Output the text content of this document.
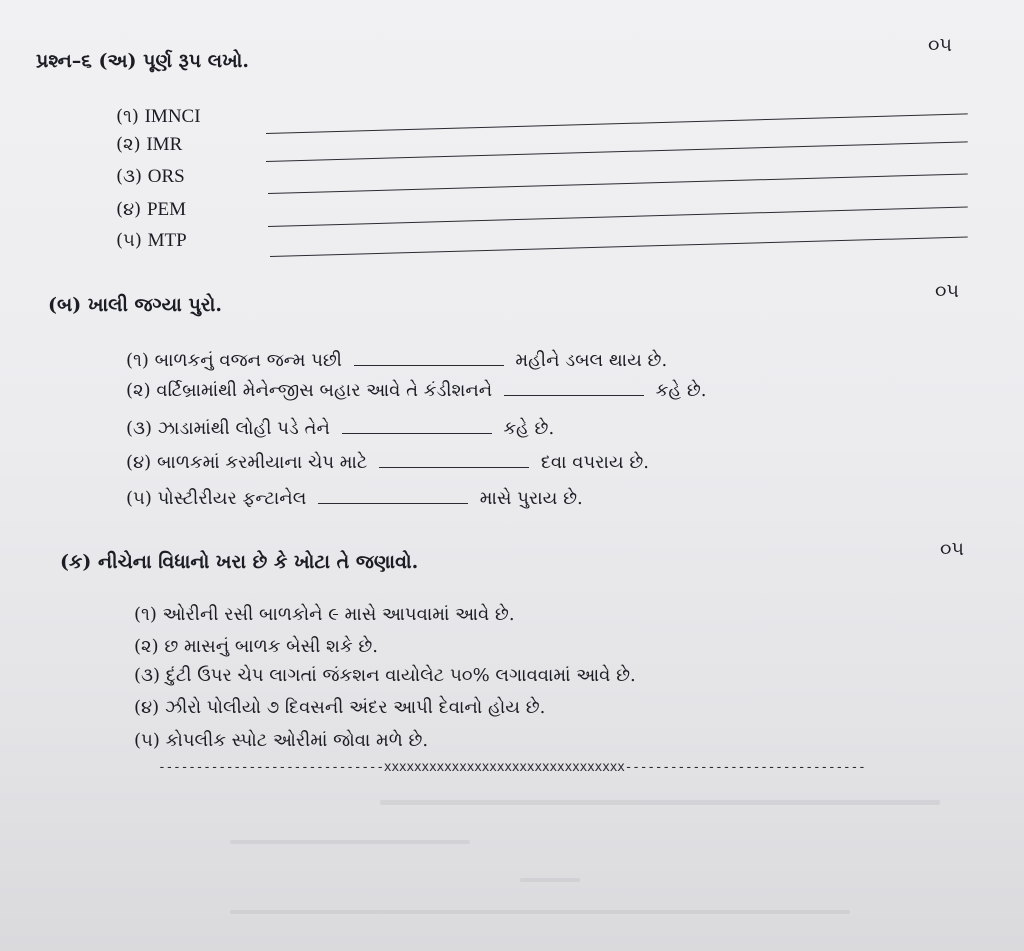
પ્રશ્ન–૬ (અ) પૂર્ણ રૂપ લખો.
૦૫
(૧) IMNCI
(૨) IMR
(૩) ORS
(૪) PEM
(૫) MTP
(બ) ખાલી જગ્યા પુરો.
૦૫
(૧) બાળકનું વજન જન્મ પછી	મહીને ડબલ થાય છે.
(૨) વર્ટિબ્રામાંથી મેનેન્જીસ બહાર આવે તે કંડીશનને	કહે છે.
(૩) ઝાડામાંથી લોહી પડે તેને	કહે છે.
(૪) બાળકમાં કરમીયાના ચેપ માટે	દવા વપરાય છે.
(૫) પોસ્ટીરીયર ફન્ટાનેલ	માસે પુરાય છે.
(ક) નીચેના વિધાનો ખરા છે કે ખોટા તે જણાવો.
૦૫
(૧) ઓરીની રસી બાળકોને ૯ માસે આપવામાં આવે છે.
(૨) છ માસનું બાળક બેસી શકે છે.
(૩) દુંટી ઉપર ચેપ લાગતાં જંકશન વાયોલેટ ૫૦% લગાવવામાં આવે છે.
(૪) ઝીરો પોલીયો ૭ દિવસની અંદર આપી દેવાનો હોય છે.
(૫) કોપલીક સ્પોટ ઓરીમાં જોવા મળે છે.
------------------------------xxxxxxxxxxxxxxxxxxxxxxxxxxxxxxxx--------------------------------
